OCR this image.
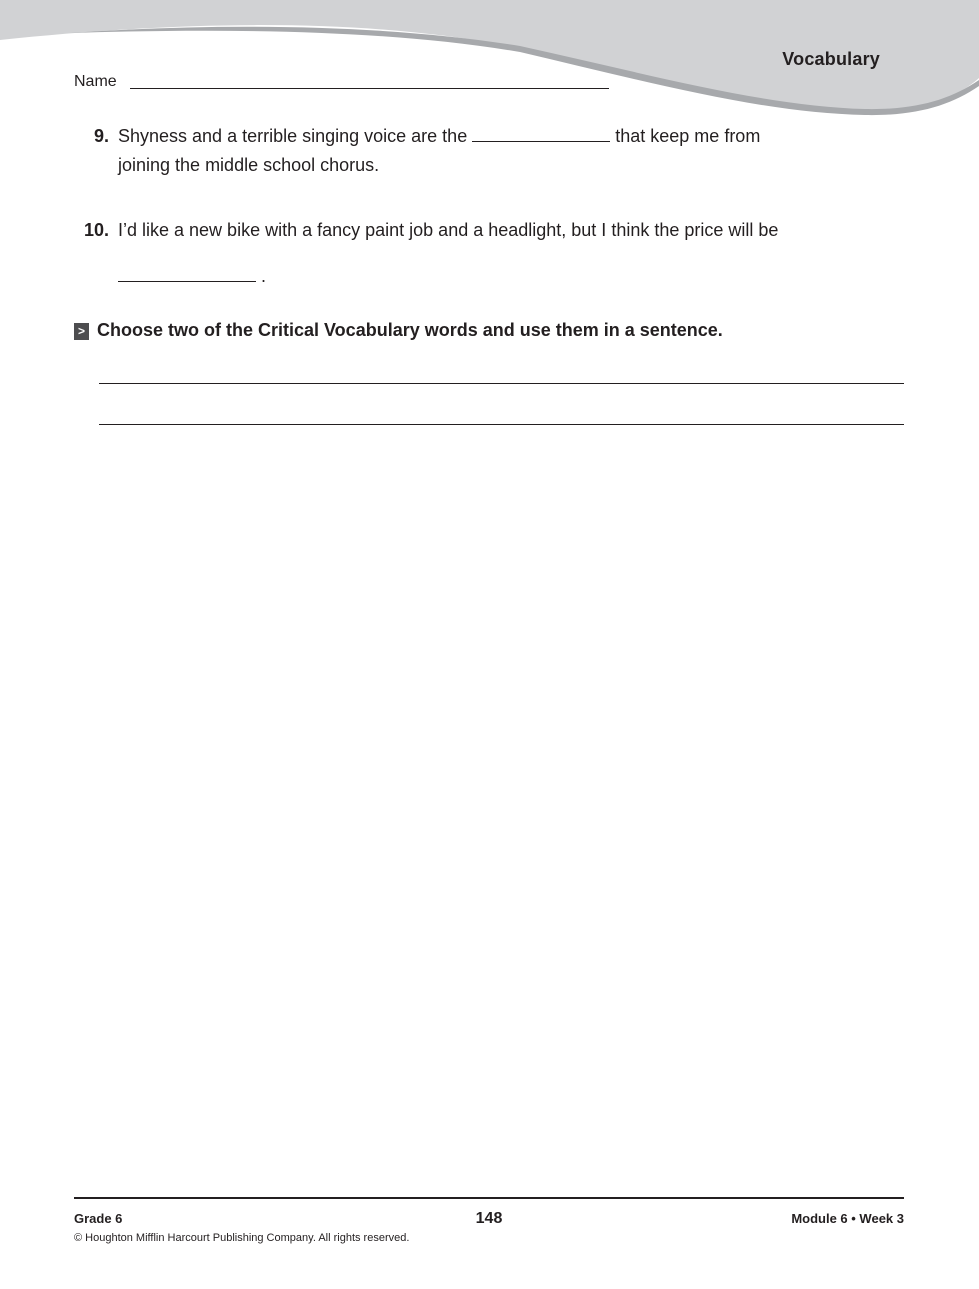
Vocabulary
Name
9. Shyness and a terrible singing voice are the	that keep me from
joining the middle school chorus.
10. I’d like a new bike with a fancy paint job and a headlight, but I think the price will be
.
> Choose two of the Critical Vocabulary words and use them in a sentence.
Grade 6
© Houghton Mifflin Harcourt Publishing Company. All rights reserved.
148	Module 6 • Week 3
